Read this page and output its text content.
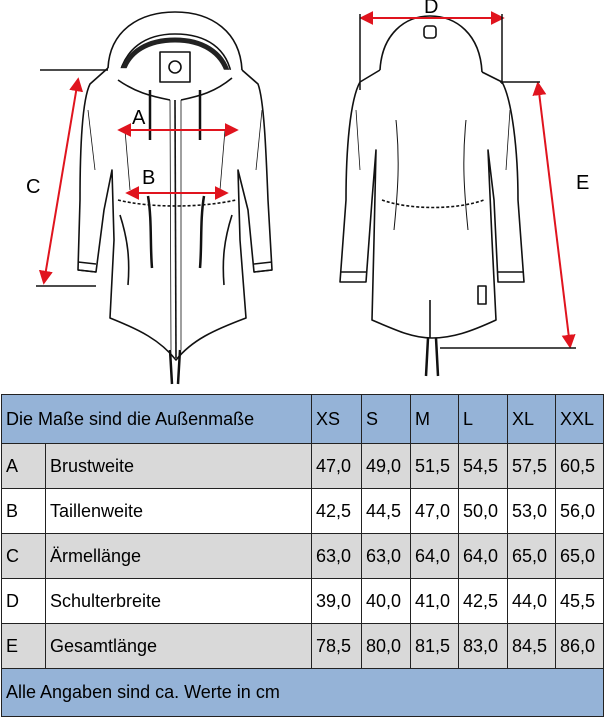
A
B
C
D
E
Die Maße sind die Außenmaße		XS	S	M	L	XL	XXL
A	Brustweite	47,0	49,0	51,5	54,5	57,5	60,5
B	Taillenweite	42,5	44,5	47,0	50,0	53,0	56,0
C	Ärmellänge	63,0	63,0	64,0	64,0	65,0	65,0
D	Schulterbreite	39,0	40,0	41,0	42,5	44,0	45,5
E	Gesamtlänge	78,5	80,0	81,5	83,0	84,5	86,0
Alle Angaben sind ca. Werte in cm							
